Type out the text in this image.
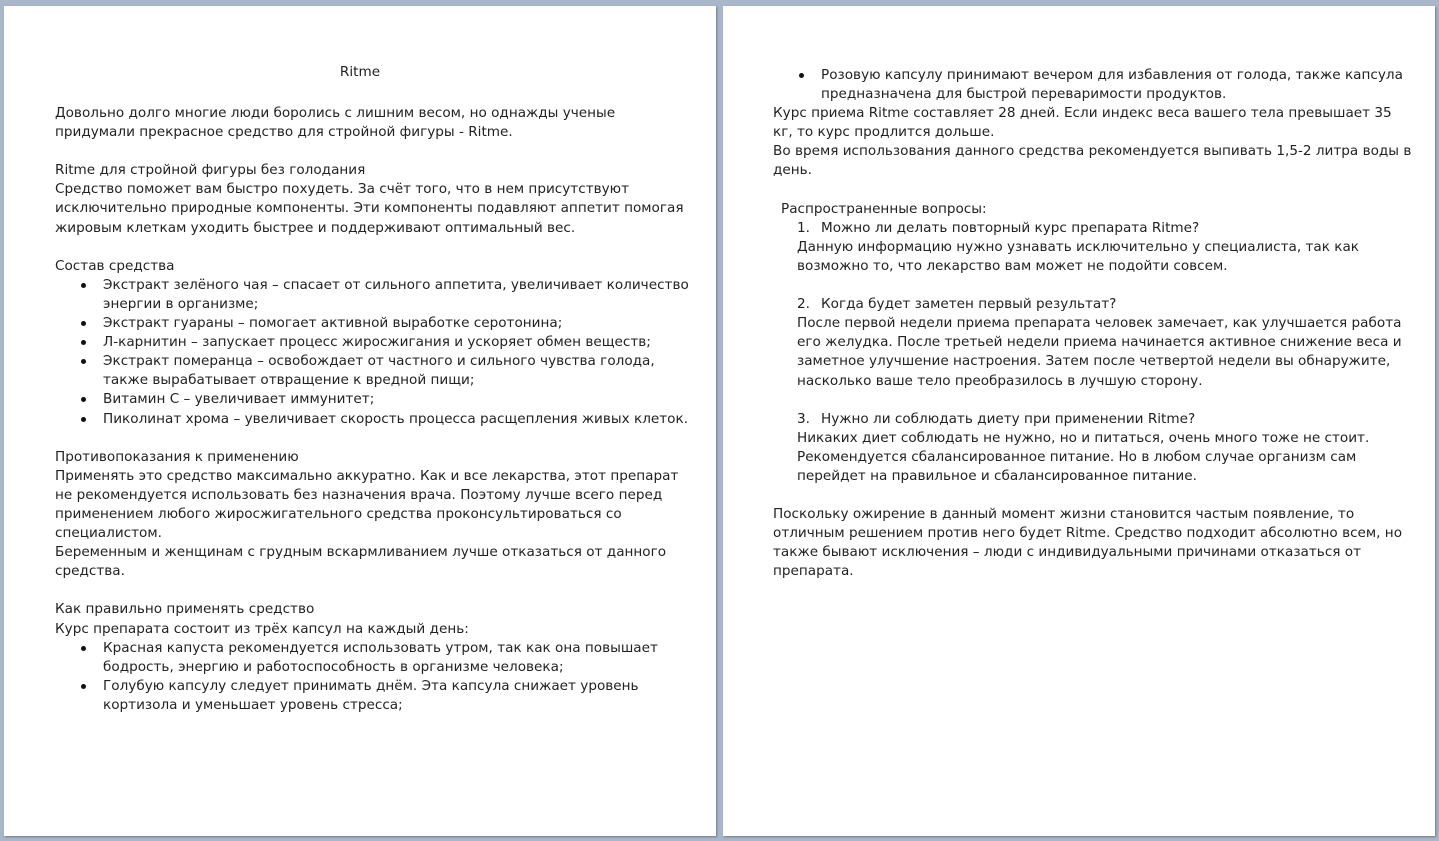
Ritme

Довольно долго многие люди боролись с лишним весом, но однажды ученые придумали прекрасное средство для стройной фигуры - Ritme.

Ritme для стройной фигуры без голодания

Средство поможет вам быстро похудеть. За счёт того, что в нем присутствуют исключительно природные компоненты. Эти компоненты подавляют аппетит помогая жировым клеткам уходить быстрее и поддерживают оптимальный вес.

Состав средства

Экстракт зелёного чая – спасает от сильного аппетита, увеличивает количество энергии в организме;
Экстракт гуараны – помогает активной выработке серотонина;
Л-карнитин – запускает процесс жиросжигания и ускоряет обмен веществ;
Экстракт померанца – освобождает от частного и сильного чувства голода, также вырабатывает отвращение к вредной пищи;
Витамин С – увеличивает иммунитет;
Пиколинат хрома – увеличивает скорость процесса расщепления живых клеток.

Противопоказания к применению

Применять это средство максимально аккуратно. Как и все лекарства, этот препарат не рекомендуется использовать без назначения врача. Поэтому лучше всего перед применением любого жиросжигательного средства проконсультироваться со специалистом.

Беременным и женщинам с грудным вскармливанием лучше отказаться от данного средства.

Как правильно применять средство

Курс препарата состоит из трёх капсул на каждый день:

Красная капуста рекомендуется использовать утром, так как она повышает бодрость, энергию и работоспособность в организме человека;
Голубую капсулу следует принимать днём. Эта капсула снижает уровень кортизола и уменьшает уровень стресса;
Розовую капсулу принимают вечером для избавления от голода, также капсула предназначена для быстрой переваримости продуктов.

Курс приема Ritme составляет 28 дней. Если индекс веса вашего тела превышает 35 кг, то курс продлится дольше.

Во время использования данного средства рекомендуется выпивать 1,5-2 литра воды в день.

Распространенные вопросы:

1. Можно ли делать повторный курс препарата Ritme?

Данную информацию нужно узнавать исключительно у специалиста, так как возможно то, что лекарство вам может не подойти совсем.

2. Когда будет заметен первый результат?

После первой недели приема препарата человек замечает, как улучшается работа его желудка. После третьей недели приема начинается активное снижение веса и заметное улучшение настроения. Затем после четвертой недели вы обнаружите, насколько ваше тело преобразилось в лучшую сторону.

3. Нужно ли соблюдать диету при применении Ritme?

Никаких диет соблюдать не нужно, но и питаться, очень много тоже не стоит. Рекомендуется сбалансированное питание. Но в любом случае организм сам перейдет на правильное и сбалансированное питание.

Поскольку ожирение в данный момент жизни становится частым появление, то отличным решением против него будет Ritme. Средство подходит абсолютно всем, но также бывают исключения – люди с индивидуальными причинами отказаться от препарата.
